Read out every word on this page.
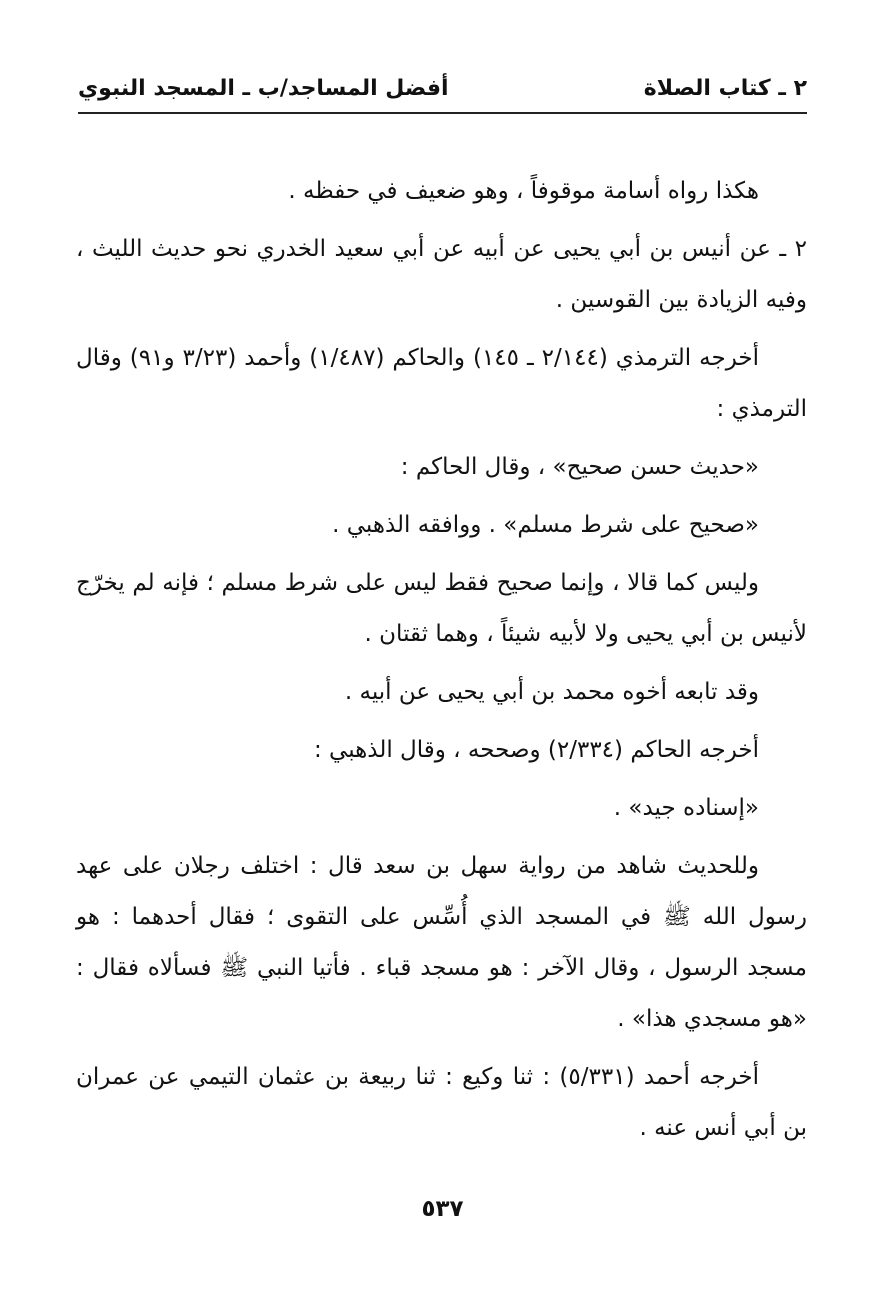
٢ ـ كتاب الصلاة
أفضل المساجد/ب ـ المسجد النبوي

هكذا رواه أسامة موقوفاً ، وهو ضعيف في حفظه .

٢ ـ عن أنيس بن أبي يحيى عن أبيه عن أبي سعيد الخدري نحو حديث الليث ، وفيه الزيادة بين القوسين .

أخرجه الترمذي (٢/١٤٤ ـ ١٤٥) والحاكم (١/٤٨٧) وأحمد (٣/٢٣ و٩١) وقال الترمذي :

«حديث حسن صحيح» ، وقال الحاكم :

«صحيح على شرط مسلم» . ووافقه الذهبي .

وليس كما قالا ، وإنما صحيح فقط ليس على شرط مسلم ؛ فإنه لم يخرّج لأنيس بن أبي يحيى ولا لأبيه شيئاً ، وهما ثقتان .

وقد تابعه أخوه محمد بن أبي يحيى عن أبيه .

أخرجه الحاكم (٢/٣٣٤) وصححه ، وقال الذهبي :

«إسناده جيد» .

وللحديث شاهد من رواية سهل بن سعد قال : اختلف رجلان على عهد رسول الله ﷺ في المسجد الذي أُسِّس على التقوى ؛ فقال أحدهما : هو مسجد الرسول ، وقال الآخر : هو مسجد قباء . فأتيا النبي ﷺ فسألاه فقال : «هو مسجدي هذا» .

أخرجه أحمد (٥/٣٣١) : ثنا وكيع : ثنا ربيعة بن عثمان التيمي عن عمران بن أبي أنس عنه .

٥٣٧
